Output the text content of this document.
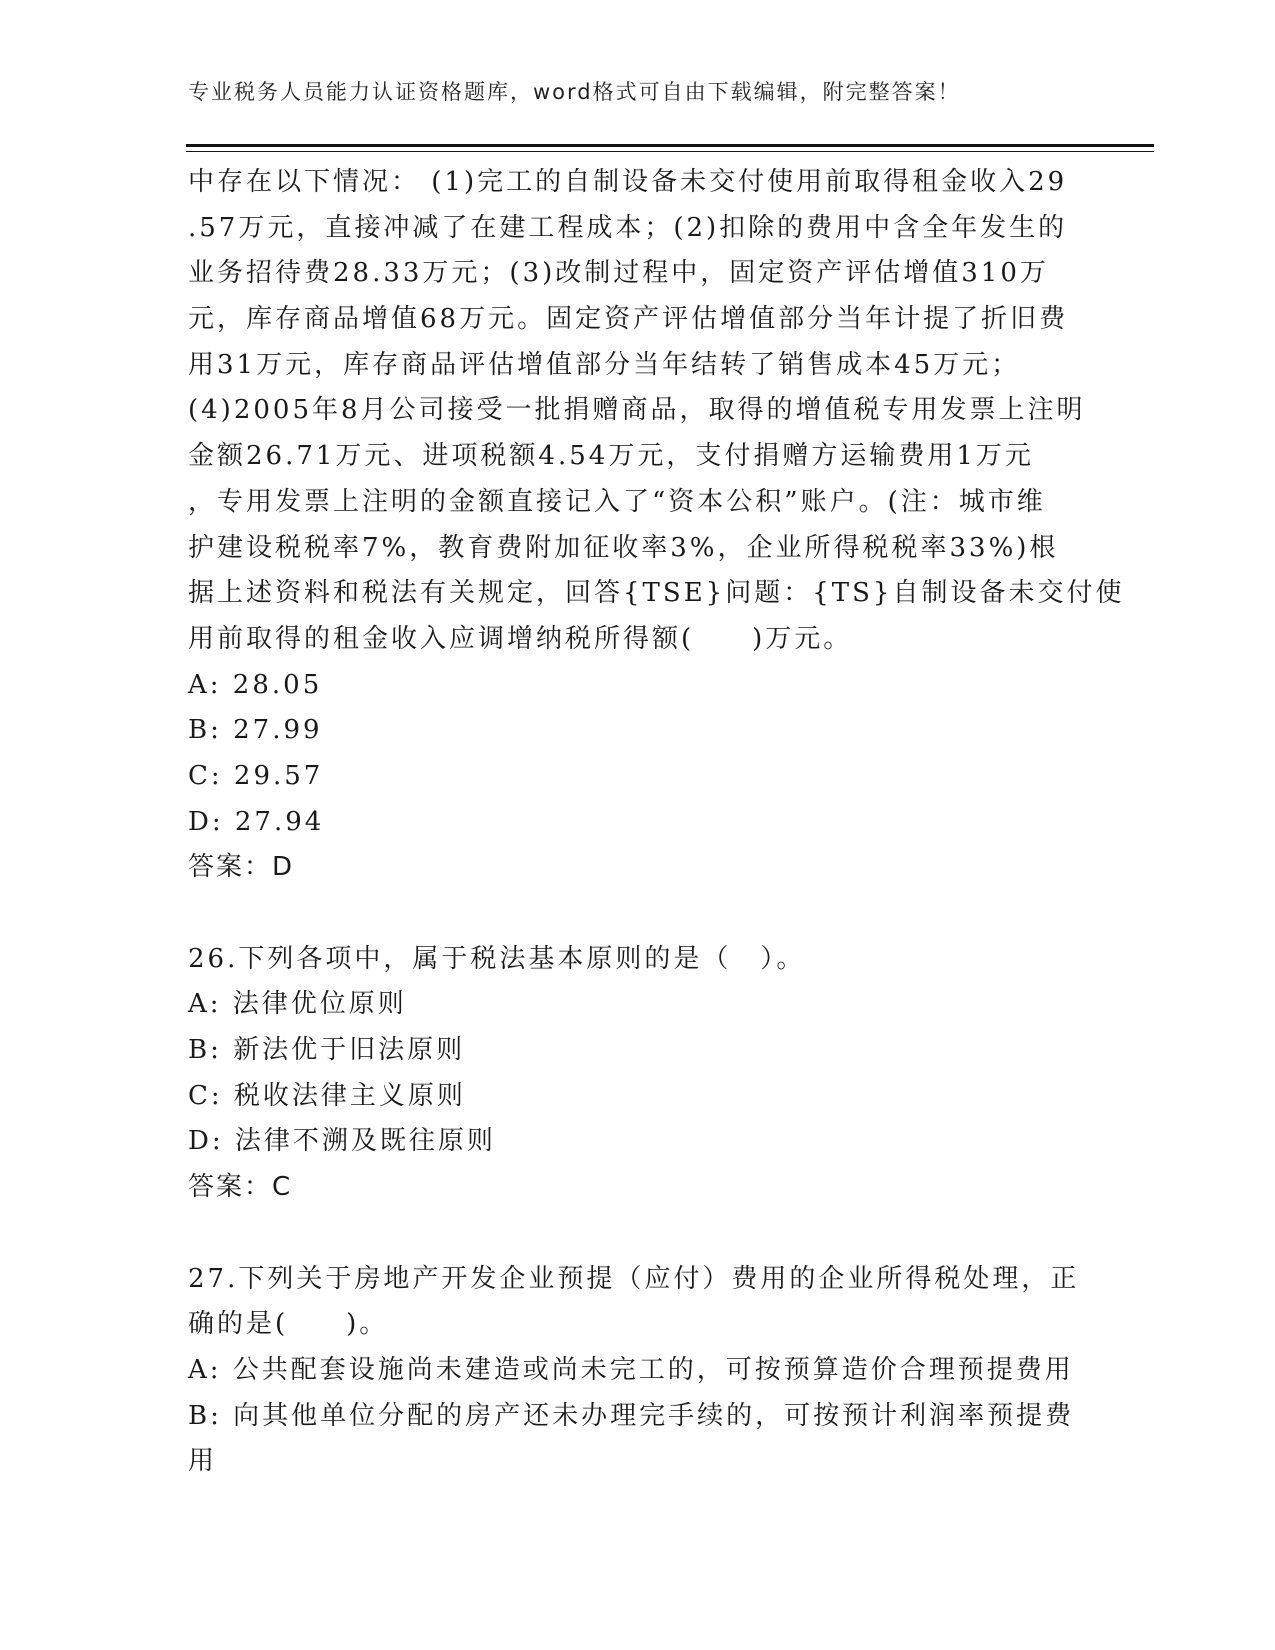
专业税务人员能力认证资格题库，word格式可自由下载编辑，附完整答案！
中存在以下情况： (1)完工的自制设备未交付使用前取得租金收入29
.57万元，直接冲减了在建工程成本；(2)扣除的费用中含全年发生的
业务招待费28.33万元；(3)改制过程中，固定资产评估增值310万
元，库存商品增值68万元。固定资产评估增值部分当年计提了折旧费
用31万元，库存商品评估增值部分当年结转了销售成本45万元；
(4)2005年8月公司接受一批捐赠商品，取得的增值税专用发票上注明
金额26.71万元、进项税额4.54万元，支付捐赠方运输费用1万元
，专用发票上注明的金额直接记入了“资本公积”账户。(注：城市维
护建设税税率7%，教育费附加征收率3%，企业所得税税率33%)根
据上述资料和税法有关规定，回答{TSE}问题：{TS}自制设备未交付使
用前取得的租金收入应调增纳税所得额(　　)万元。
A: 28.05
B: 27.99
C: 29.57
D: 27.94
答案：D
26.下列各项中，属于税法基本原则的是（　）。
A: 法律优位原则
B: 新法优于旧法原则
C: 税收法律主义原则
D: 法律不溯及既往原则
答案：C
27.下列关于房地产开发企业预提（应付）费用的企业所得税处理，正
确的是(　　)。
A: 公共配套设施尚未建造或尚未完工的，可按预算造价合理预提费用
B: 向其他单位分配的房产还未办理完手续的，可按预计利润率预提费
用
